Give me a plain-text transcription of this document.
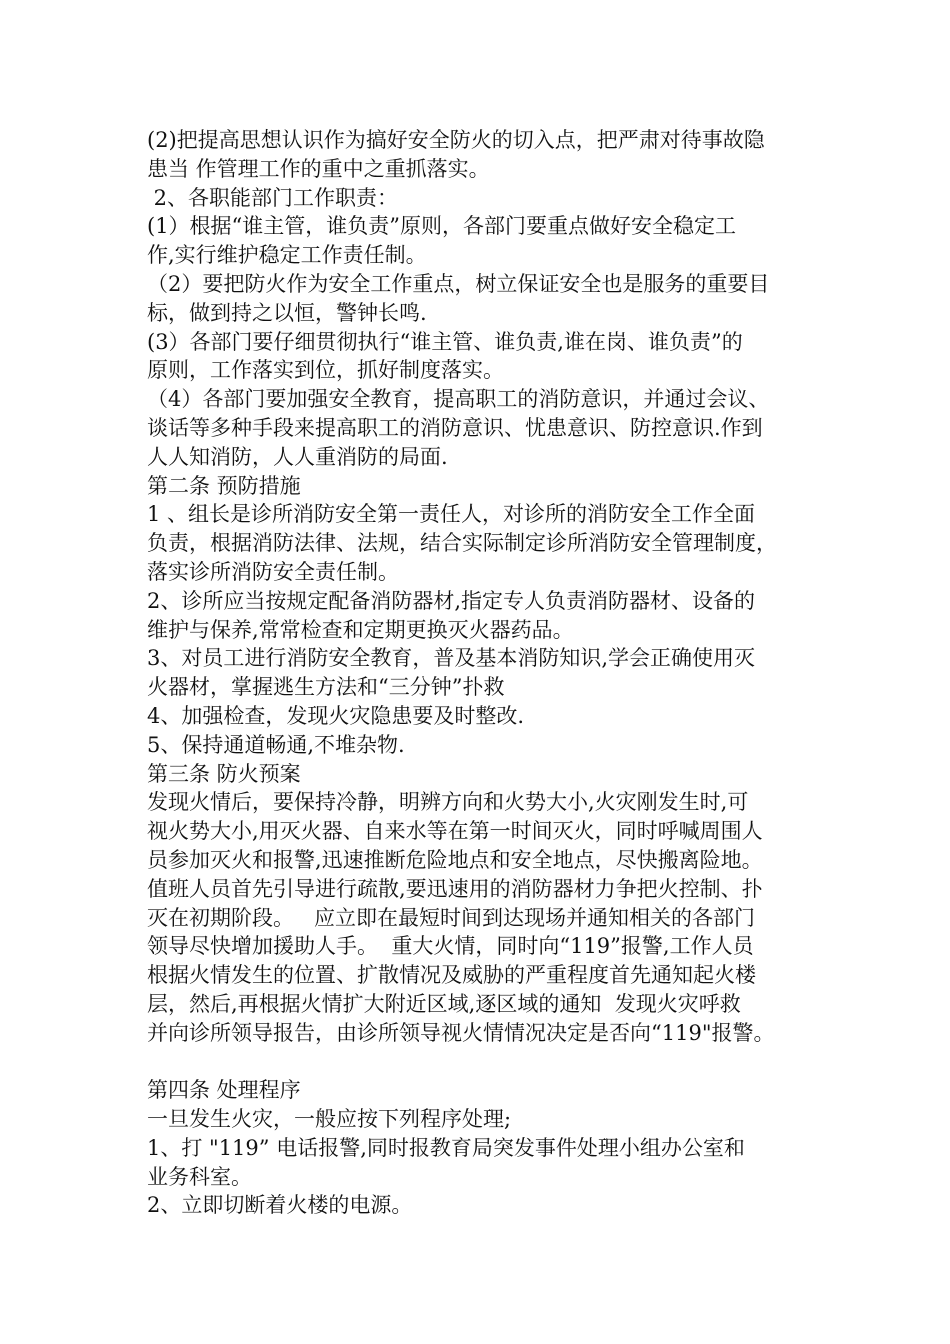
(2)把提高思想认识作为搞好安全防火的切入点，把严肃对待事故隐
患当 作管理工作的重中之重抓落实。
2、各职能部门工作职责：
(1）根据“谁主管，谁负责”原则，各部门要重点做好安全稳定工
作,实行维护稳定工作责任制。
（2）要把防火作为安全工作重点，树立保证安全也是服务的重要目
标，做到持之以恒，警钟长鸣.
(3）各部门要仔细贯彻执行“谁主管、谁负责,谁在岗、谁负责”的
原则，工作落实到位，抓好制度落实。
（4）各部门要加强安全教育，提高职工的消防意识，并通过会议、
谈话等多种手段来提高职工的消防意识、忧患意识、防控意识.作到
人人知消防，人人重消防的局面.
第二条 预防措施
1 、组长是诊所消防安全第一责任人，对诊所的消防安全工作全面
负责，根据消防法律、法规，结合实际制定诊所消防安全管理制度，
落实诊所消防安全责任制。
2、诊所应当按规定配备消防器材,指定专人负责消防器材、设备的
维护与保养,常常检查和定期更换灭火器药品。
3、对员工进行消防安全教育，普及基本消防知识,学会正确使用灭
火器材，掌握逃生方法和“三分钟”扑救
4、加强检查，发现火灾隐患要及时整改.
5、保持通道畅通,不堆杂物.
第三条 防火预案
发现火情后，要保持冷静，明辨方向和火势大小,火灾刚发生时,可
视火势大小,用灭火器、自来水等在第一时间灭火，同时呼喊周围人
员参加灭火和报警,迅速推断危险地点和安全地点，尽快搬离险地。
值班人员首先引导进行疏散,要迅速用的消防器材力争把火控制、扑
灭在初期阶段。   应立即在最短时间到达现场并通知相关的各部门
领导尽快增加援助人手。  重大火情，同时向“119”报警,工作人员
根据火情发生的位置、扩散情况及威胁的严重程度首先通知起火楼
层，然后,再根据火情扩大附近区域,逐区域的通知  发现火灾呼救
并向诊所领导报告，由诊所领导视火情情况决定是否向“119"报警。
第四条 处理程序
一旦发生火灾，一般应按下列程序处理;
1、打 "119” 电话报警,同时报教育局突发事件处理小组办公室和
业务科室。
2、立即切断着火楼的电源。
